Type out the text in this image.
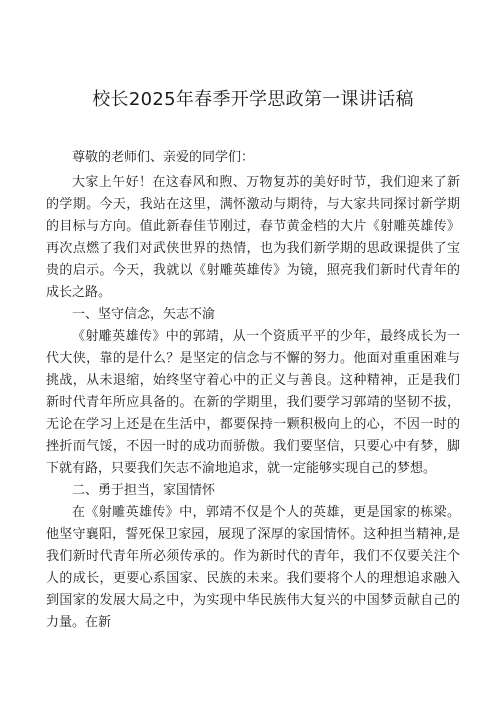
校长2025年春季开学思政第一课讲话稿

尊敬的老师们、亲爱的同学们：

大家上午好！在这春风和煦、万物复苏的美好时节，我们迎来了新的学期。今天，我站在这里，满怀激动与期待，与大家共同探讨新学期的目标与方向。值此新春佳节刚过，春节黄金档的大片《射雕英雄传》再次点燃了我们对武侠世界的热情，也为我们新学期的思政课提供了宝贵的启示。今天，我就以《射雕英雄传》为镜，照亮我们新时代青年的成长之路。

一、坚守信念，矢志不渝

《射雕英雄传》中的郭靖，从一个资质平平的少年，最终成长为一代大侠，靠的是什么？是坚定的信念与不懈的努力。他面对重重困难与挑战，从未退缩，始终坚守着心中的正义与善良。这种精神，正是我们新时代青年所应具备的。在新的学期里，我们要学习郭靖的坚韧不拔，无论在学习上还是在生活中，都要保持一颗积极向上的心，不因一时的挫折而气馁，不因一时的成功而骄傲。我们要坚信，只要心中有梦，脚下就有路，只要我们矢志不渝地追求，就一定能够实现自己的梦想。

二、勇于担当，家国情怀

在《射雕英雄传》中，郭靖不仅是个人的英雄，更是国家的栋梁。他坚守襄阳，誓死保卫家园，展现了深厚的家国情怀。这种担当精神,是我们新时代青年所必须传承的。作为新时代的青年，我们不仅要关注个人的成长，更要心系国家、民族的未来。我们要将个人的理想追求融入到国家的发展大局之中，为实现中华民族伟大复兴的中国梦贡献自己的力量。在新
